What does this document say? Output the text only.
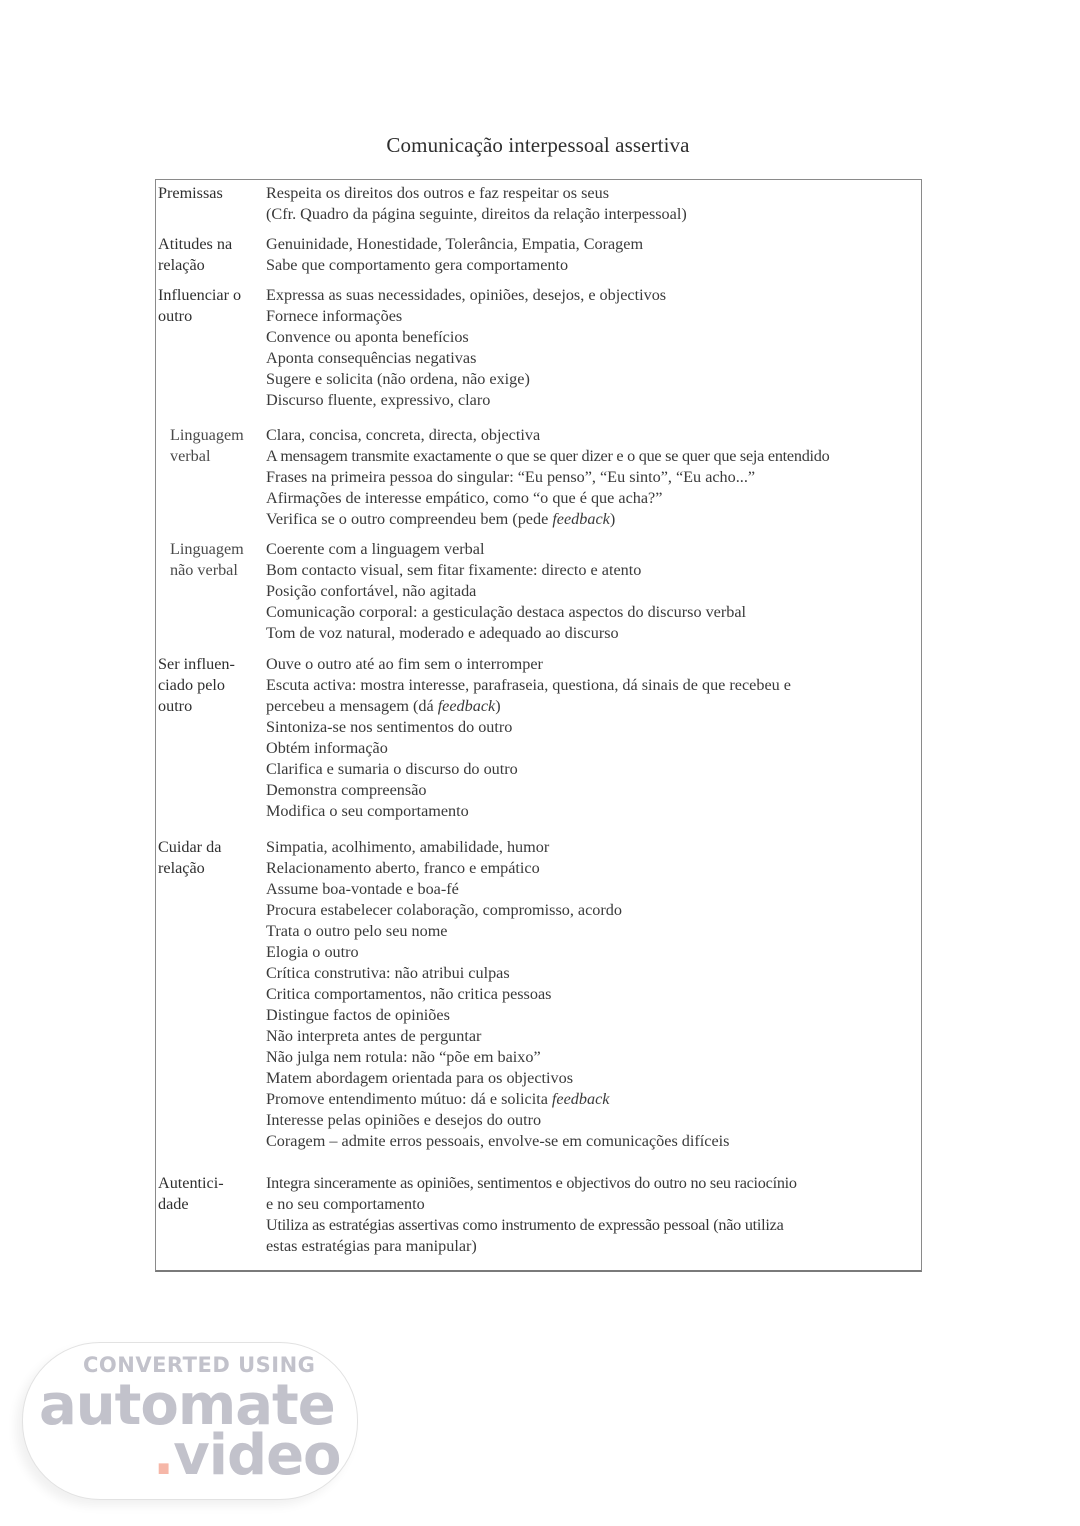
Comunicação interpessoal assertiva
Premissas	Respeita os direitos dos outros e faz respeitar os seus
(Cfr. Quadro da página seguinte, direitos da relação interpessoal)
Atitudes na
relação
Genuinidade, Honestidade, Tolerância, Empatia, Coragem
Sabe que comportamento gera comportamento
Influenciar o
outro
Expressa as suas necessidades, opiniões, desejos, e objectivos
Fornece informações
Convence ou aponta benefícios
Aponta consequências negativas
Sugere e solicita (não ordena, não exige)
Discurso fluente, expressivo, claro
Linguagem
verbal
Clara, concisa, concreta, directa, objectiva
A mensagem transmite exactamente o que se quer dizer e o que se quer que seja entendido
Frases na primeira pessoa do singular: “Eu penso”, “Eu sinto”, “Eu acho...”
Afirmações de interesse empático, como “o que é que acha?”
Verifica se o outro compreendeu bem (pede feedback)
Linguagem
não verbal
Coerente com a linguagem verbal
Bom contacto visual, sem fitar fixamente: directo e atento
Posição confortável, não agitada
Comunicação corporal: a gesticulação destaca aspectos do discurso verbal
Tom de voz natural, moderado e adequado ao discurso
Ser influen-
ciado pelo
outro
Ouve o outro até ao fim sem o interromper
Escuta activa: mostra interesse, parafraseia, questiona, dá sinais de que recebeu e
percebeu a mensagem (dá feedback)
Sintoniza-se nos sentimentos do outro
Obtém informação
Clarifica e sumaria o discurso do outro
Demonstra compreensão
Modifica o seu comportamento
Cuidar da
relação
Simpatia, acolhimento, amabilidade, humor
Relacionamento aberto, franco e empático
Assume boa-vontade e boa-fé
Procura estabelecer colaboração, compromisso, acordo
Trata o outro pelo seu nome
Elogia o outro
Crítica construtiva: não atribui culpas
Critica comportamentos, não critica pessoas
Distingue factos de opiniões
Não interpreta antes de perguntar
Não julga nem rotula: não “põe em baixo”
Matem abordagem orientada para os objectivos
Promove entendimento mútuo: dá e solicita feedback
Interesse pelas opiniões e desejos do outro
Coragem – admite erros pessoais, envolve-se em comunicações difíceis
Autentici-
dade
Integra sinceramente as opiniões, sentimentos e objectivos do outro no seu raciocínio
e no seu comportamento
Utiliza as estratégias assertivas como instrumento de expressão pessoal (não utiliza
estas estratégias para manipular)
CONVERTED USING
automate
.video
